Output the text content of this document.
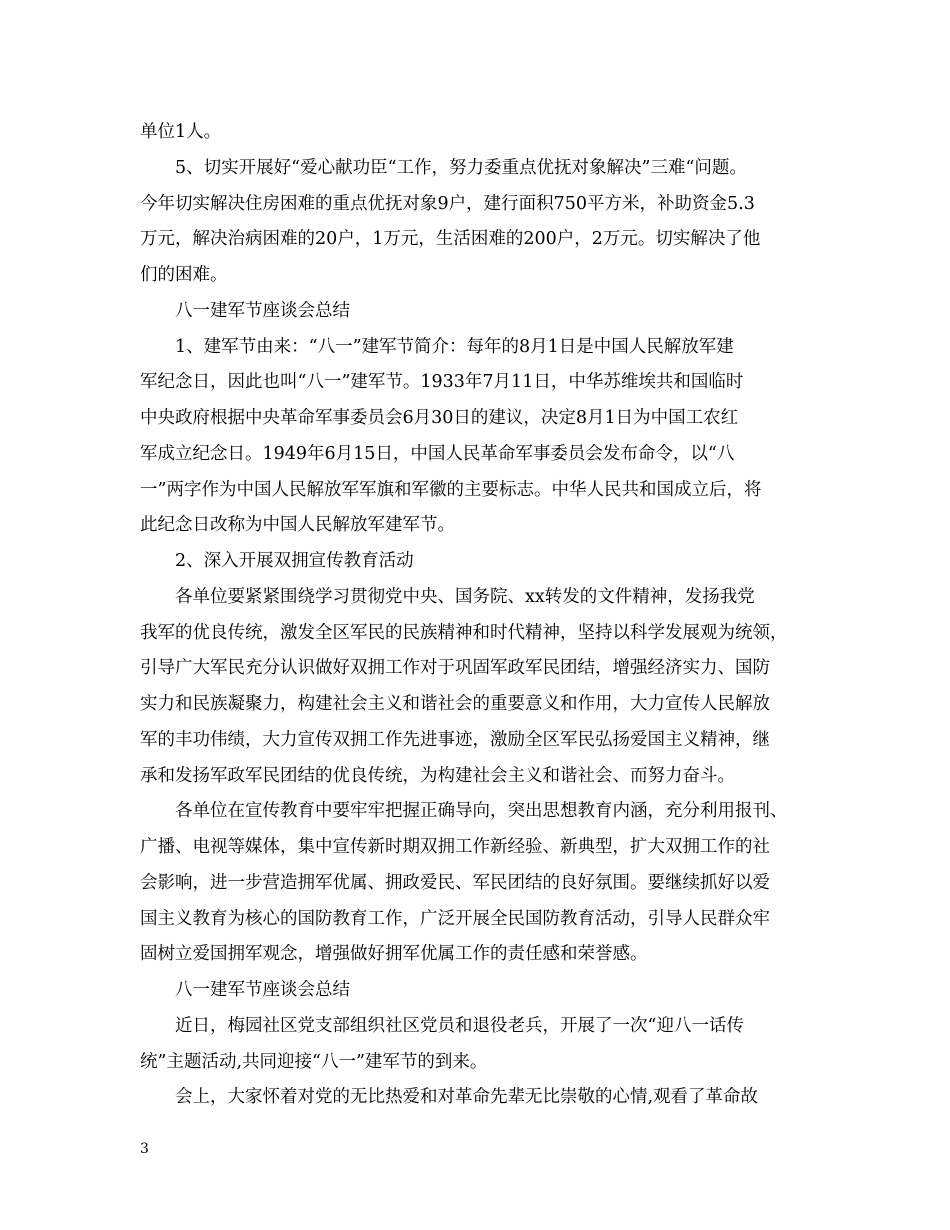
单位1人。
5、切实开展好“爱心献功臣“工作，努力委重点优抚对象解决”三难“问题。
今年切实解决住房困难的重点优抚对象9户，建行面积750平方米，补助资金5.3
万元，解决治病困难的20户，1万元，生活困难的200户，2万元。切实解决了他
们的困难。
八一建军节座谈会总结
1、建军节由来：“八一”建军节简介：每年的8月1日是中国人民解放军建
军纪念日，因此也叫“八一”建军节。1933年7月11日，中华苏维埃共和国临时
中央政府根据中央革命军事委员会6月30日的建议，决定8月1日为中国工农红
军成立纪念日。1949年6月15日，中国人民革命军事委员会发布命令，以“八
一”两字作为中国人民解放军军旗和军徽的主要标志。中华人民共和国成立后，将
此纪念日改称为中国人民解放军建军节。
2、深入开展双拥宣传教育活动
各单位要紧紧围绕学习贯彻党中央、国务院、xx转发的文件精神，发扬我党
我军的优良传统，激发全区军民的民族精神和时代精神，坚持以科学发展观为统领，
引导广大军民充分认识做好双拥工作对于巩固军政军民团结，增强经济实力、国防
实力和民族凝聚力，构建社会主义和谐社会的重要意义和作用，大力宣传人民解放
军的丰功伟绩，大力宣传双拥工作先进事迹，激励全区军民弘扬爱国主义精神，继
承和发扬军政军民团结的优良传统，为构建社会主义和谐社会、而努力奋斗。
各单位在宣传教育中要牢牢把握正确导向，突出思想教育内涵，充分利用报刊、
广播、电视等媒体，集中宣传新时期双拥工作新经验、新典型，扩大双拥工作的社
会影响，进一步营造拥军优属、拥政爱民、军民团结的良好氛围。要继续抓好以爱
国主义教育为核心的国防教育工作，广泛开展全民国防教育活动，引导人民群众牢
固树立爱国拥军观念，增强做好拥军优属工作的责任感和荣誉感。
八一建军节座谈会总结
近日，梅园社区党支部组织社区党员和退役老兵，开展了一次“迎八一话传
统”主题活动,共同迎接“八一”建军节的到来。
会上，大家怀着对党的无比热爱和对革命先辈无比崇敬的心情,观看了革命故
3
